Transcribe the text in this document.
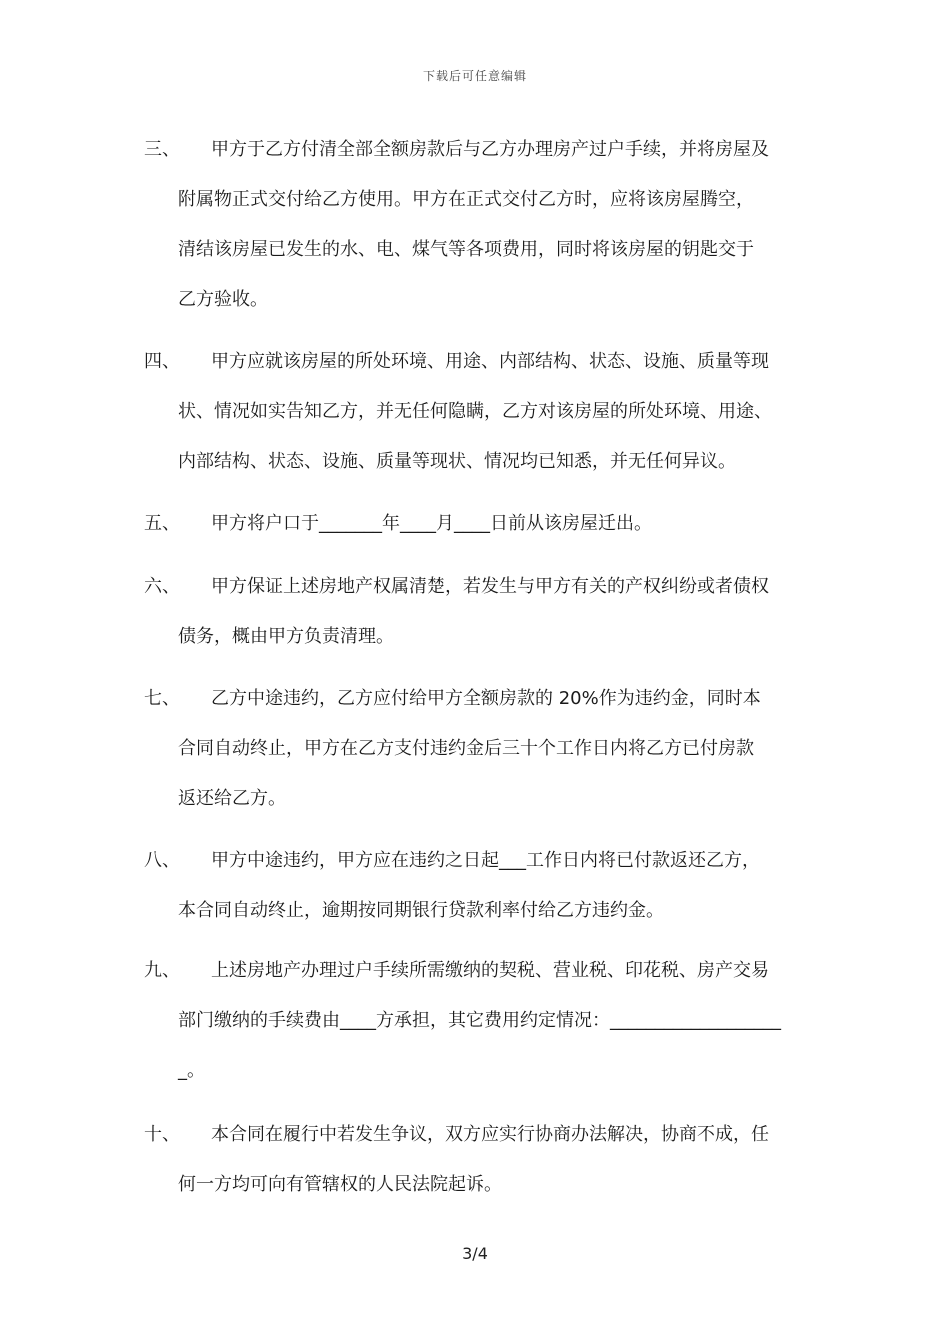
下载后可任意编辑
三、 甲方于乙方付清全部全额房款后与乙方办理房产过户手续，并将房屋及
附属物正式交付给乙方使用。甲方在正式交付乙方时，应将该房屋腾空，
清结该房屋已发生的水、电、煤气等各项费用，同时将该房屋的钥匙交于
乙方验收。
四、 甲方应就该房屋的所处环境、用途、内部结构、状态、设施、质量等现
状、情况如实告知乙方，并无任何隐瞒，乙方对该房屋的所处环境、用途、
内部结构、状态、设施、质量等现状、情况均已知悉，并无任何异议。
五、 甲方将户口于_______年____月____日前从该房屋迁出。
六、 甲方保证上述房地产权属清楚，若发生与甲方有关的产权纠纷或者债权
债务，概由甲方负责清理。
七、 乙方中途违约，乙方应付给甲方全额房款的 20%作为违约金，同时本
合同自动终止，甲方在乙方支付违约金后三十个工作日内将乙方已付房款
返还给乙方。
八、 甲方中途违约，甲方应在违约之日起___工作日内将已付款返还乙方，
本合同自动终止，逾期按同期银行贷款利率付给乙方违约金。
九、 上述房地产办理过户手续所需缴纳的契税、营业税、印花税、房产交易
部门缴纳的手续费由____方承担，其它费用约定情况：___________________
_。
十、 本合同在履行中若发生争议，双方应实行协商办法解决，协商不成，任
何一方均可向有管辖权的人民法院起诉。
3/4
